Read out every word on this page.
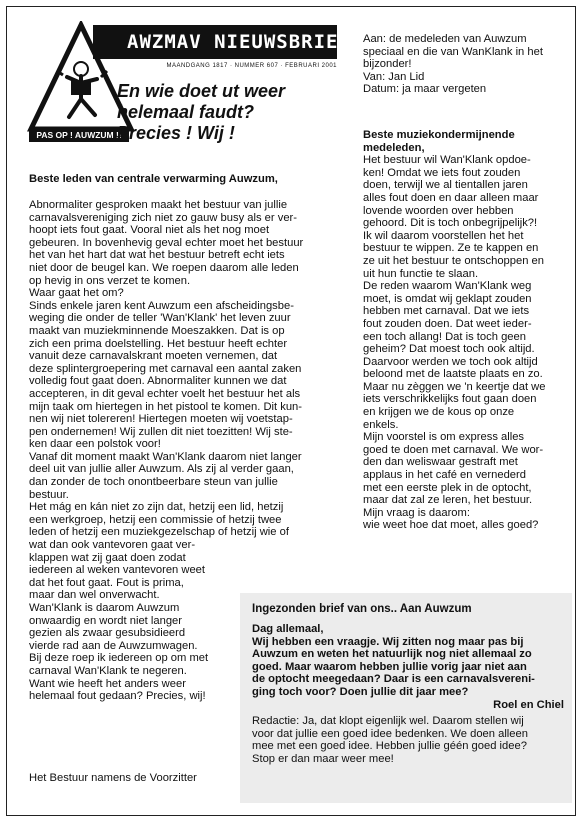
AWZMAV NIEUWSBRIEF
MAANDGANG 1817 · NUMMER 607 · FEBRUARI 2001
PAS OP ! AUWZUM !!
En wie doet ut weer
helemaal faudt?
Precies ! Wij !
Beste leden van centrale verwarming Auwzum,

Abnormaliter gesproken maakt het bestuur van jullie
carnavalsvereniging zich niet zo gauw busy als er ver-
hoopt iets fout gaat. Vooral niet als het nog moet
gebeuren. In bovenhevig geval echter moet het bestuur
het van het hart dat wat het bestuur betreft echt iets
niet door de beugel kan. We roepen daarom alle leden
op hevig in ons verzet te komen.
Waar gaat het om?
Sinds enkele jaren kent Auwzum een afscheidingsbe-
weging die onder de teller 'Wan'Klank' het leven zuur
maakt van muziekminnende Moeszakken. Dat is op
zich een prima doelstelling. Het bestuur heeft echter
vanuit deze carnavalskrant moeten vernemen, dat
deze splintergroepering met carnaval een aantal zaken
volledig fout gaat doen. Abnormaliter kunnen we dat
accepteren, in dit geval echter voelt het bestuur het als
mijn taak om hiertegen in het pistool te komen. Dit kun-
nen wij niet tolereren! Hiertegen moeten wij voetstap-
pen ondernemen! Wij zullen dit niet toezitten! Wij ste-
ken daar een polstok voor!
Vanaf dit moment maakt Wan'Klank daarom niet langer
deel uit van jullie aller Auwzum. Als zij al verder gaan,
dan zonder de toch onontbeerbare steun van jullie
bestuur.
Het mág en kán niet zo zijn dat, hetzij een lid, hetzij
een werkgroep, hetzij een commissie of hetzij twee
leden of hetzij een muziekgezelschap of hetzij wie of
wat dan ook vantevoren gaat ver-
klappen wat zij gaat doen zodat
iedereen al weken vantevoren weet
dat het fout gaat. Fout is prima,
maar dan wel onverwacht.
Wan'Klank is daarom Auwzum
onwaardig en wordt niet langer
gezien als zwaar gesubsidieerd
vierde rad aan de Auwzumwagen.
Bij deze roep ik iedereen op om met
carnaval Wan'Klank te negeren.
Want wie heeft het anders weer
helemaal fout gedaan? Precies, wij!

Het Bestuur namens de Voorzitter

Aan: de medeleden van Auwzum
speciaal en die van WanKlank in het
bijzonder!
Van: Jan Lid
Datum: ja maar vergeten

Beste muziekondermijnende
medeleden,

Het bestuur wil Wan'Klank opdoe-
ken! Omdat we iets fout zouden
doen, terwijl we al tientallen jaren
alles fout doen en daar alleen maar
lovende woorden over hebben
gehoord. Dit is toch onbegrijpelijk?!
Ik wil daarom voorstellen het het
bestuur te wippen. Ze te kappen en
ze uit het bestuur te ontschoppen en
uit hun functie te slaan.
De reden waarom Wan'Klank weg
moet, is omdat wij geklapt zouden
hebben met carnaval. Dat we iets
fout zouden doen. Dat weet ieder-
een toch allang! Dat is toch geen
geheim? Dat moest toch ook altijd.
Daarvoor werden we toch ook altijd
beloond met de laatste plaats en zo.
Maar nu zèggen we 'n keertje dat we
iets verschrikkelijks fout gaan doen
en krijgen we de kous op onze
enkels.
Mijn voorstel is om express alles
goed te doen met carnaval. We wor-
den dan weliswaar gestraft met
applaus in het café en vernederd
met een eerste plek in de optocht,
maar dat zal ze leren, het bestuur.
Mijn vraag is daarom:
wie weet hoe dat moet, alles goed?

Ingezonden brief van ons.. Aan Auwzum

Dag allemaal,
Wij hebben een vraagje. Wij zitten nog maar pas bij
Auwzum en weten het natuurlijk nog niet allemaal zo
goed. Maar waarom hebben jullie vorig jaar niet aan
de optocht meegedaan? Daar is een carnavalsvereni-
ging toch voor? Doen jullie dit jaar mee?

Roel en Chiel

Redactie: Ja, dat klopt eigenlijk wel. Daarom stellen wij
voor dat jullie een goed idee bedenken. We doen alleen
mee met een goed idee. Hebben jullie géén goed idee?
Stop er dan maar weer mee!
